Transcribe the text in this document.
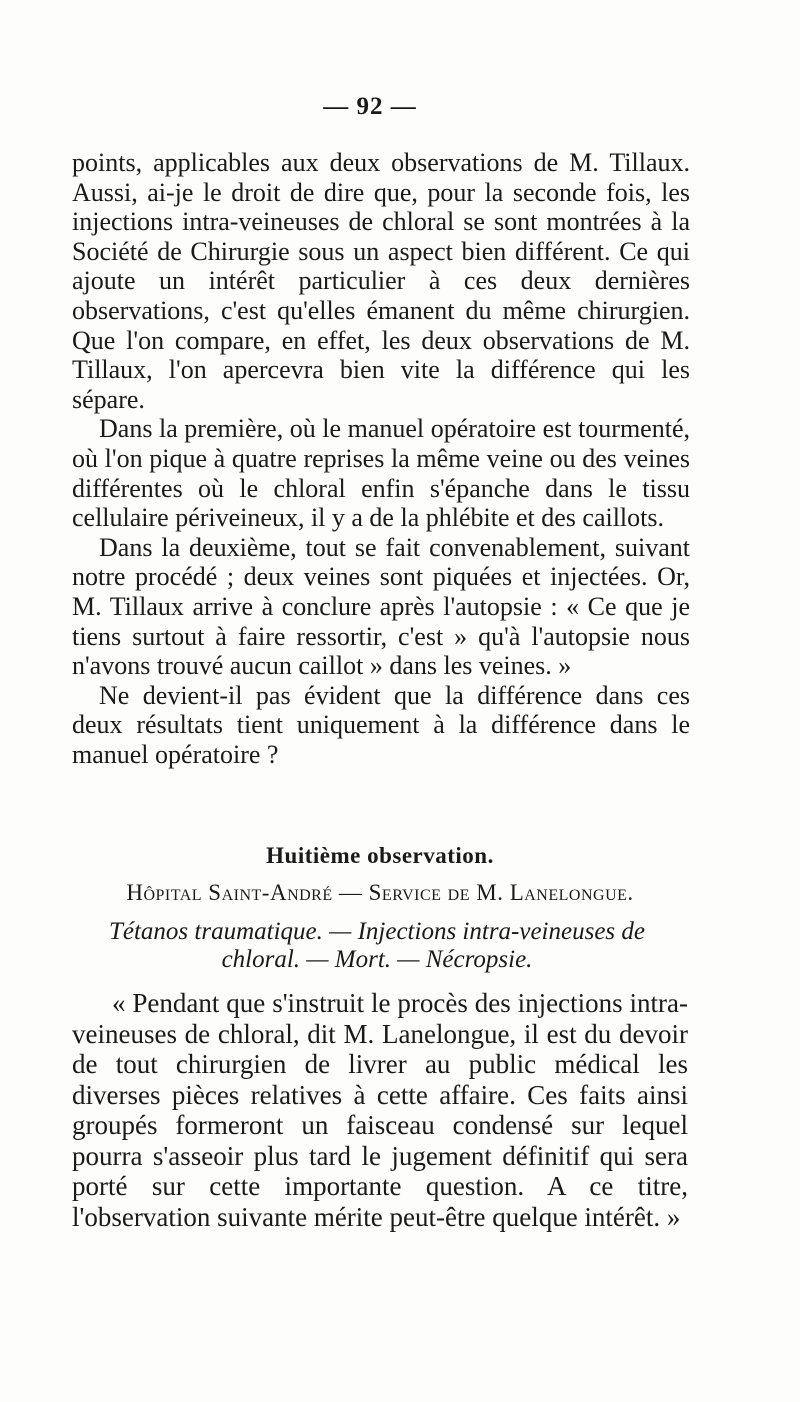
— 92 —

points, applicables aux deux observations de M. Tillaux. Aussi, ai-je le droit de dire que, pour la seconde fois, les injections intra-veineuses de chloral se sont montrées à la Société de Chirurgie sous un aspect bien différent. Ce qui ajoute un intérêt particulier à ces deux dernières observations, c'est qu'elles émanent du même chirurgien. Que l'on compare, en effet, les deux observations de M. Tillaux, l'on apercevra bien vite la différence qui les sépare.

Dans la première, où le manuel opératoire est tourmenté, où l'on pique à quatre reprises la même veine ou des veines différentes où le chloral enfin s'épanche dans le tissu cellulaire périveineux, il y a de la phlébite et des caillots.

Dans la deuxième, tout se fait convenablement, suivant notre procédé ; deux veines sont piquées et injectées. Or, M. Tillaux arrive à conclure après l'autopsie : « Ce que je tiens surtout à faire ressortir, c'est » qu'à l'autopsie nous n'avons trouvé aucun caillot » dans les veines. »

Ne devient-il pas évident que la différence dans ces deux résultats tient uniquement à la différence dans le manuel opératoire ?

Huitième observation.
Hôpital Saint-André — Service de M. Lanelongue.
Tétanos traumatique. — Injections intra-veineuses de chloral. — Mort. — Nécropsie.

« Pendant que s'instruit le procès des injections intra-veineuses de chloral, dit M. Lanelongue, il est du devoir de tout chirurgien de livrer au public médical les diverses pièces relatives à cette affaire. Ces faits ainsi groupés formeront un faisceau condensé sur lequel pourra s'asseoir plus tard le jugement définitif qui sera porté sur cette importante question. A ce titre, l'observation suivante mérite peut-être quelque intérêt. »
